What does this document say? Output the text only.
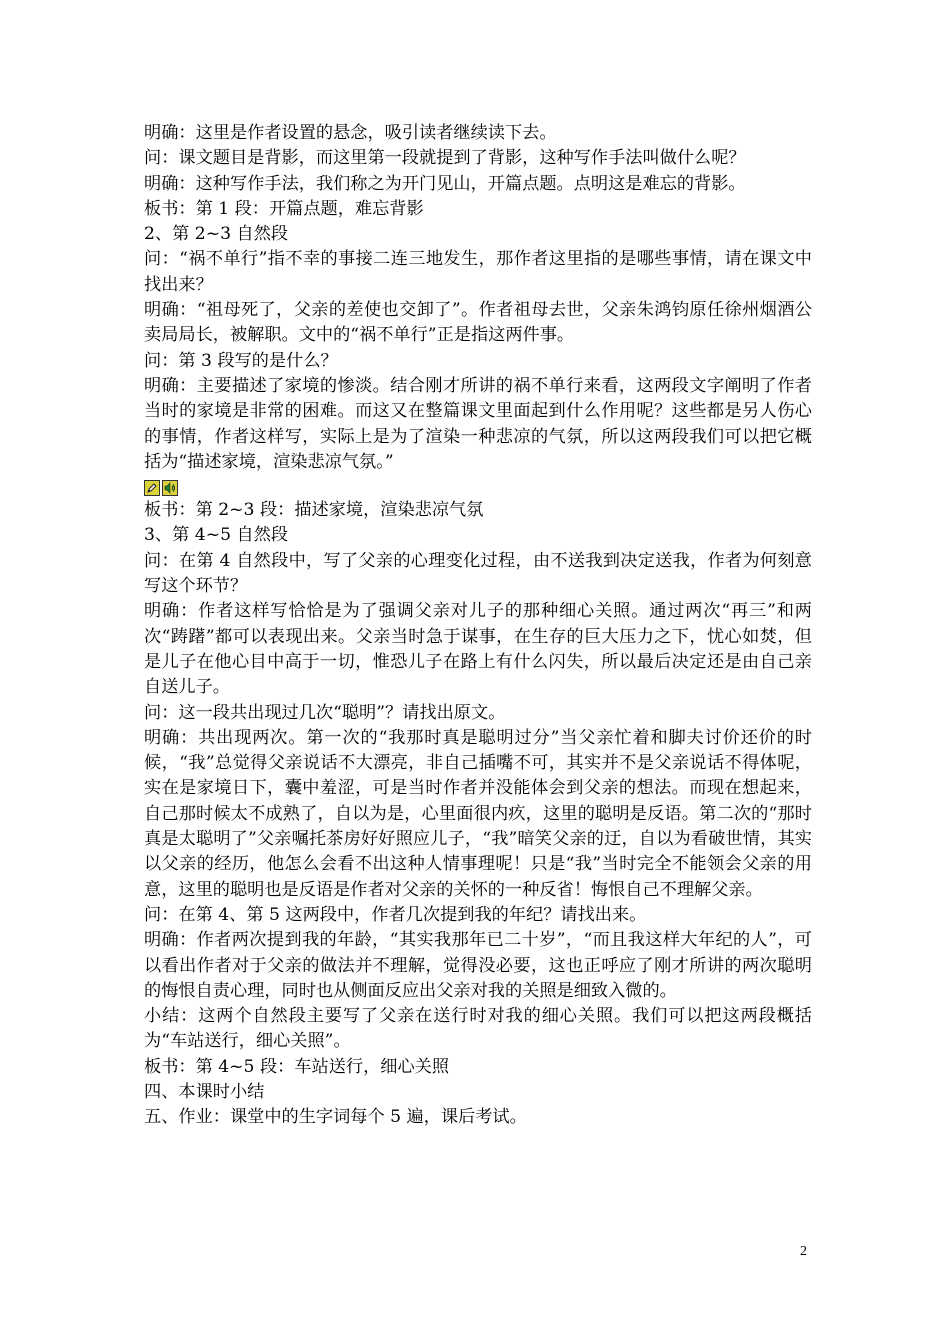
明确：这里是作者设置的悬念，吸引读者继续读下去。

问：课文题目是背影，而这里第一段就提到了背影，这种写作手法叫做什么呢？

明确：这种写作手法，我们称之为开门见山，开篇点题。点明这是难忘的背影。

板书：第 1 段：开篇点题，难忘背影

2、第 2~3 自然段

问：“祸不单行”指不幸的事接二连三地发生，那作者这里指的是哪些事情，请在课文中找出来？

明确：“祖母死了，父亲的差使也交卸了”。作者祖母去世，父亲朱鸿钧原任徐州烟酒公卖局局长，被解职。文中的“祸不单行”正是指这两件事。

问：第 3 段写的是什么？

明确：主要描述了家境的惨淡。结合刚才所讲的祸不单行来看，这两段文字阐明了作者当时的家境是非常的困难。而这又在整篇课文里面起到什么作用呢？这些都是另人伤心的事情，作者这样写，实际上是为了渲染一种悲凉的气氛，所以这两段我们可以把它概括为“描述家境，渲染悲凉气氛。”

板书：第 2~3 段：描述家境，渲染悲凉气氛

3、第 4~5 自然段

问：在第 4 自然段中，写了父亲的心理变化过程，由不送我到决定送我，作者为何刻意写这个环节？

明确：作者这样写恰恰是为了强调父亲对儿子的那种细心关照。通过两次“再三”和两次“踌躇”都可以表现出来。父亲当时急于谋事，在生存的巨大压力之下，忧心如焚，但是儿子在他心目中高于一切，惟恐儿子在路上有什么闪失，所以最后决定还是由自己亲自送儿子。

问：这一段共出现过几次“聪明”？请找出原文。

明确：共出现两次。第一次的“我那时真是聪明过分”当父亲忙着和脚夫讨价还价的时候，“我”总觉得父亲说话不大漂亮，非自己插嘴不可，其实并不是父亲说话不得体呢，实在是家境日下，囊中羞涩，可是当时作者并没能体会到父亲的想法。而现在想起来，自己那时候太不成熟了，自以为是，心里面很内疚，这里的聪明是反语。第二次的“那时真是太聪明了”父亲嘱托茶房好好照应儿子，“我”暗笑父亲的迂，自以为看破世情，其实以父亲的经历，他怎么会看不出这种人情事理呢！只是“我”当时完全不能领会父亲的用意，这里的聪明也是反语是作者对父亲的关怀的一种反省！悔恨自己不理解父亲。

问：在第 4、第 5 这两段中，作者几次提到我的年纪？请找出来。

明确：作者两次提到我的年龄，“其实我那年已二十岁”，“而且我这样大年纪的人”，可以看出作者对于父亲的做法并不理解，觉得没必要，这也正呼应了刚才所讲的两次聪明的悔恨自责心理，同时也从侧面反应出父亲对我的关照是细致入微的。

小结：这两个自然段主要写了父亲在送行时对我的细心关照。我们可以把这两段概括为“车站送行，细心关照”。

板书：第 4~5 段：车站送行，细心关照

四、本课时小结

五、作业：课堂中的生字词每个 5 遍，课后考试。

2
